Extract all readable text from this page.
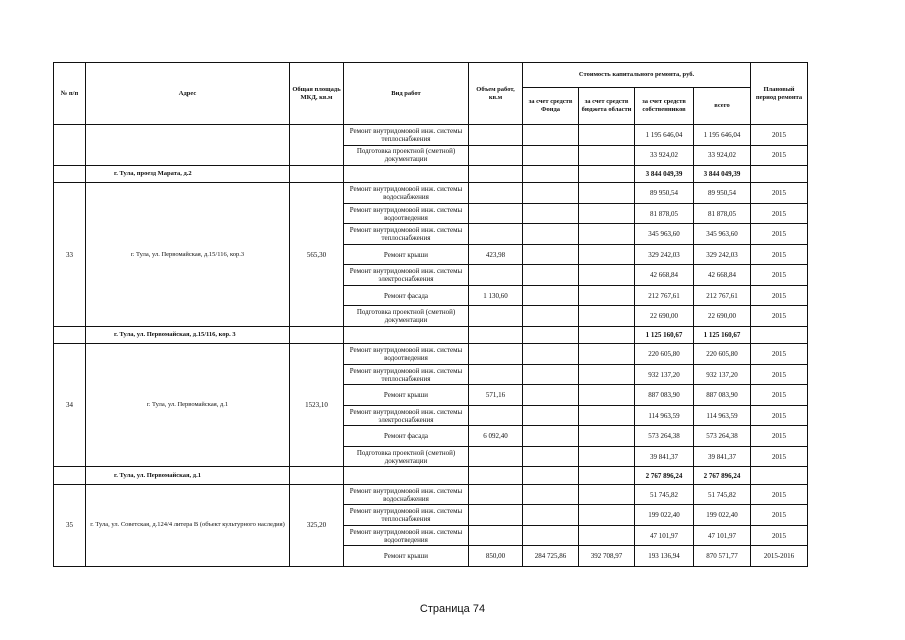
№ п/п	Адрес	Общая площадь МКД, кв.м	Вид работ	Объем работ, кв.м	Стоимость капитального ремонта, руб.				Плановый период ремонта
					за счет средств Фонда	за счет средств бюджета области	за счет средств собственников	всего	
			Ремонт внутридомовой инж. системы теплоснабжения				1 195 646,04	1 195 646,04	2015
			Подготовка проектной (сметной) документации				33 924,02	33 924,02	2015
	г. Тула, проезд Марата, д.2						3 844 049,39	3 844 049,39	
33	г. Тула, ул. Первомайская, д.15/116, кор.3	565,30	Ремонт внутридомовой инж. системы водоснабжения				89 950,54	89 950,54	2015
			Ремонт внутридомовой инж. системы водоотведения				81 878,05	81 878,05	2015
			Ремонт внутридомовой инж. системы теплоснабжения				345 963,60	345 963,60	2015
			Ремонт крыши	423,98			329 242,03	329 242,03	2015
			Ремонт внутридомовой инж. системы электроснабжения				42 668,84	42 668,84	2015
			Ремонт фасада	1 130,60			212 767,61	212 767,61	2015
			Подготовка проектной (сметной) документации				22 690,00	22 690,00	2015
	г. Тула, ул. Первомайская, д.15/116, кор. 3						1 125 160,67	1 125 160,67	
34	г. Тула, ул. Первомайская, д.1	1523,10	Ремонт внутридомовой инж. системы водоотведения				220 605,80	220 605,80	2015
			Ремонт внутридомовой инж. системы теплоснабжения				932 137,20	932 137,20	2015
			Ремонт крыши	571,16			887 083,90	887 083,90	2015
			Ремонт внутридомовой инж. системы электроснабжения				114 963,59	114 963,59	2015
			Ремонт фасада	6 092,40			573 264,38	573 264,38	2015
			Подготовка проектной (сметной) документации				39 841,37	39 841,37	2015
	г. Тула, ул. Первомайская, д.1						2 767 896,24	2 767 896,24	
35	г. Тула, ул. Советская, д.124/4 литера В (объект культурного наследия)	325,20	Ремонт внутридомовой инж. системы водоснабжения				51 745,82	51 745,82	2015
			Ремонт внутридомовой инж. системы теплоснабжения				199 022,40	199 022,40	2015
			Ремонт внутридомовой инж. системы водоотведения				47 101,97	47 101,97	2015
			Ремонт крыши	850,00	284 725,86	392 708,97	193 136,94	870 571,77	2015-2016
Страница 74
